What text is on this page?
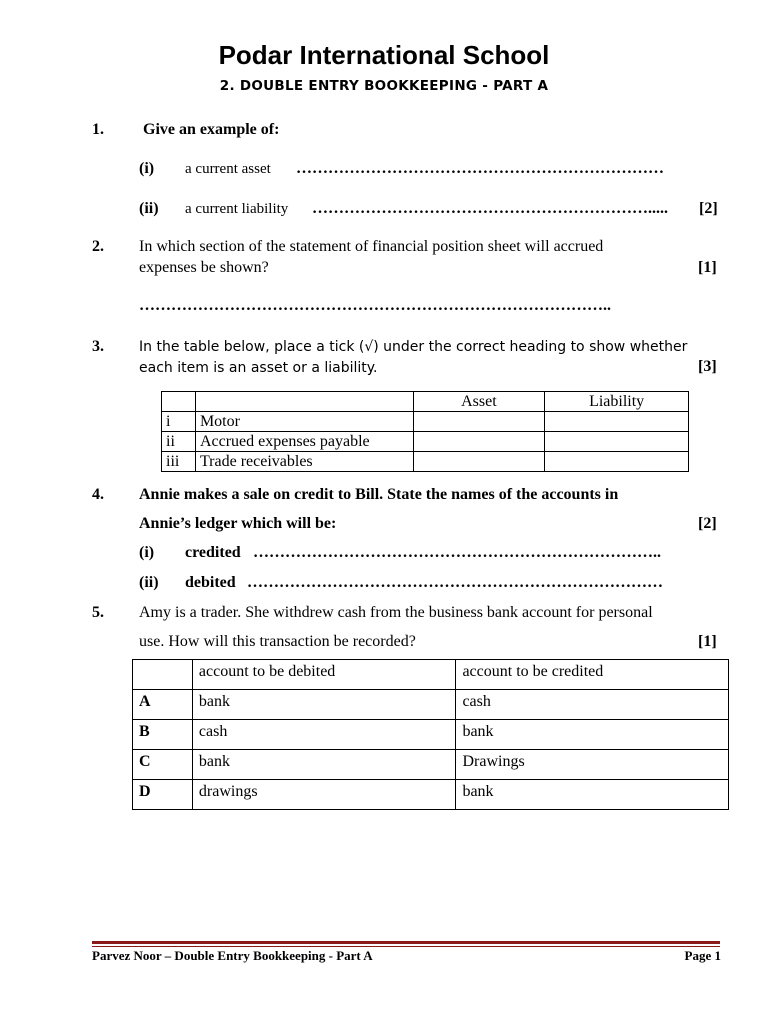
Podar International School
2. DOUBLE ENTRY BOOKKEEPING - PART A
1. Give an example of:
(i) a current asset ……………………………………………………………
(ii) a current liability ……………………………………………………….....	[2]
2. In which section of the statement of financial position sheet will accrued
expenses be shown?	[1]
……………………………………………………………………………..
3.	In the table below, place a tick (√) under the correct heading to show whether
each item is an asset or a liability.	[3]
		Asset	Liability
i	Motor		
ii	Accrued expenses payable		
iii	Trade receivables		
4. Annie makes a sale on credit to Bill. State the names of the accounts in
Annie’s ledger which will be:	[2]
(i) credited …………………………………………………………………..
(ii) debited ……………………………………………………………………
5. Amy is a trader. She withdrew cash from the business bank account for personal
use. How will this transaction be recorded?	[1]
	account to be debited	account to be credited
A	bank	cash
B	cash	bank
C	bank	Drawings
D	drawings	bank
Parvez Noor – Double Entry Bookkeeping - Part A	Page 1
